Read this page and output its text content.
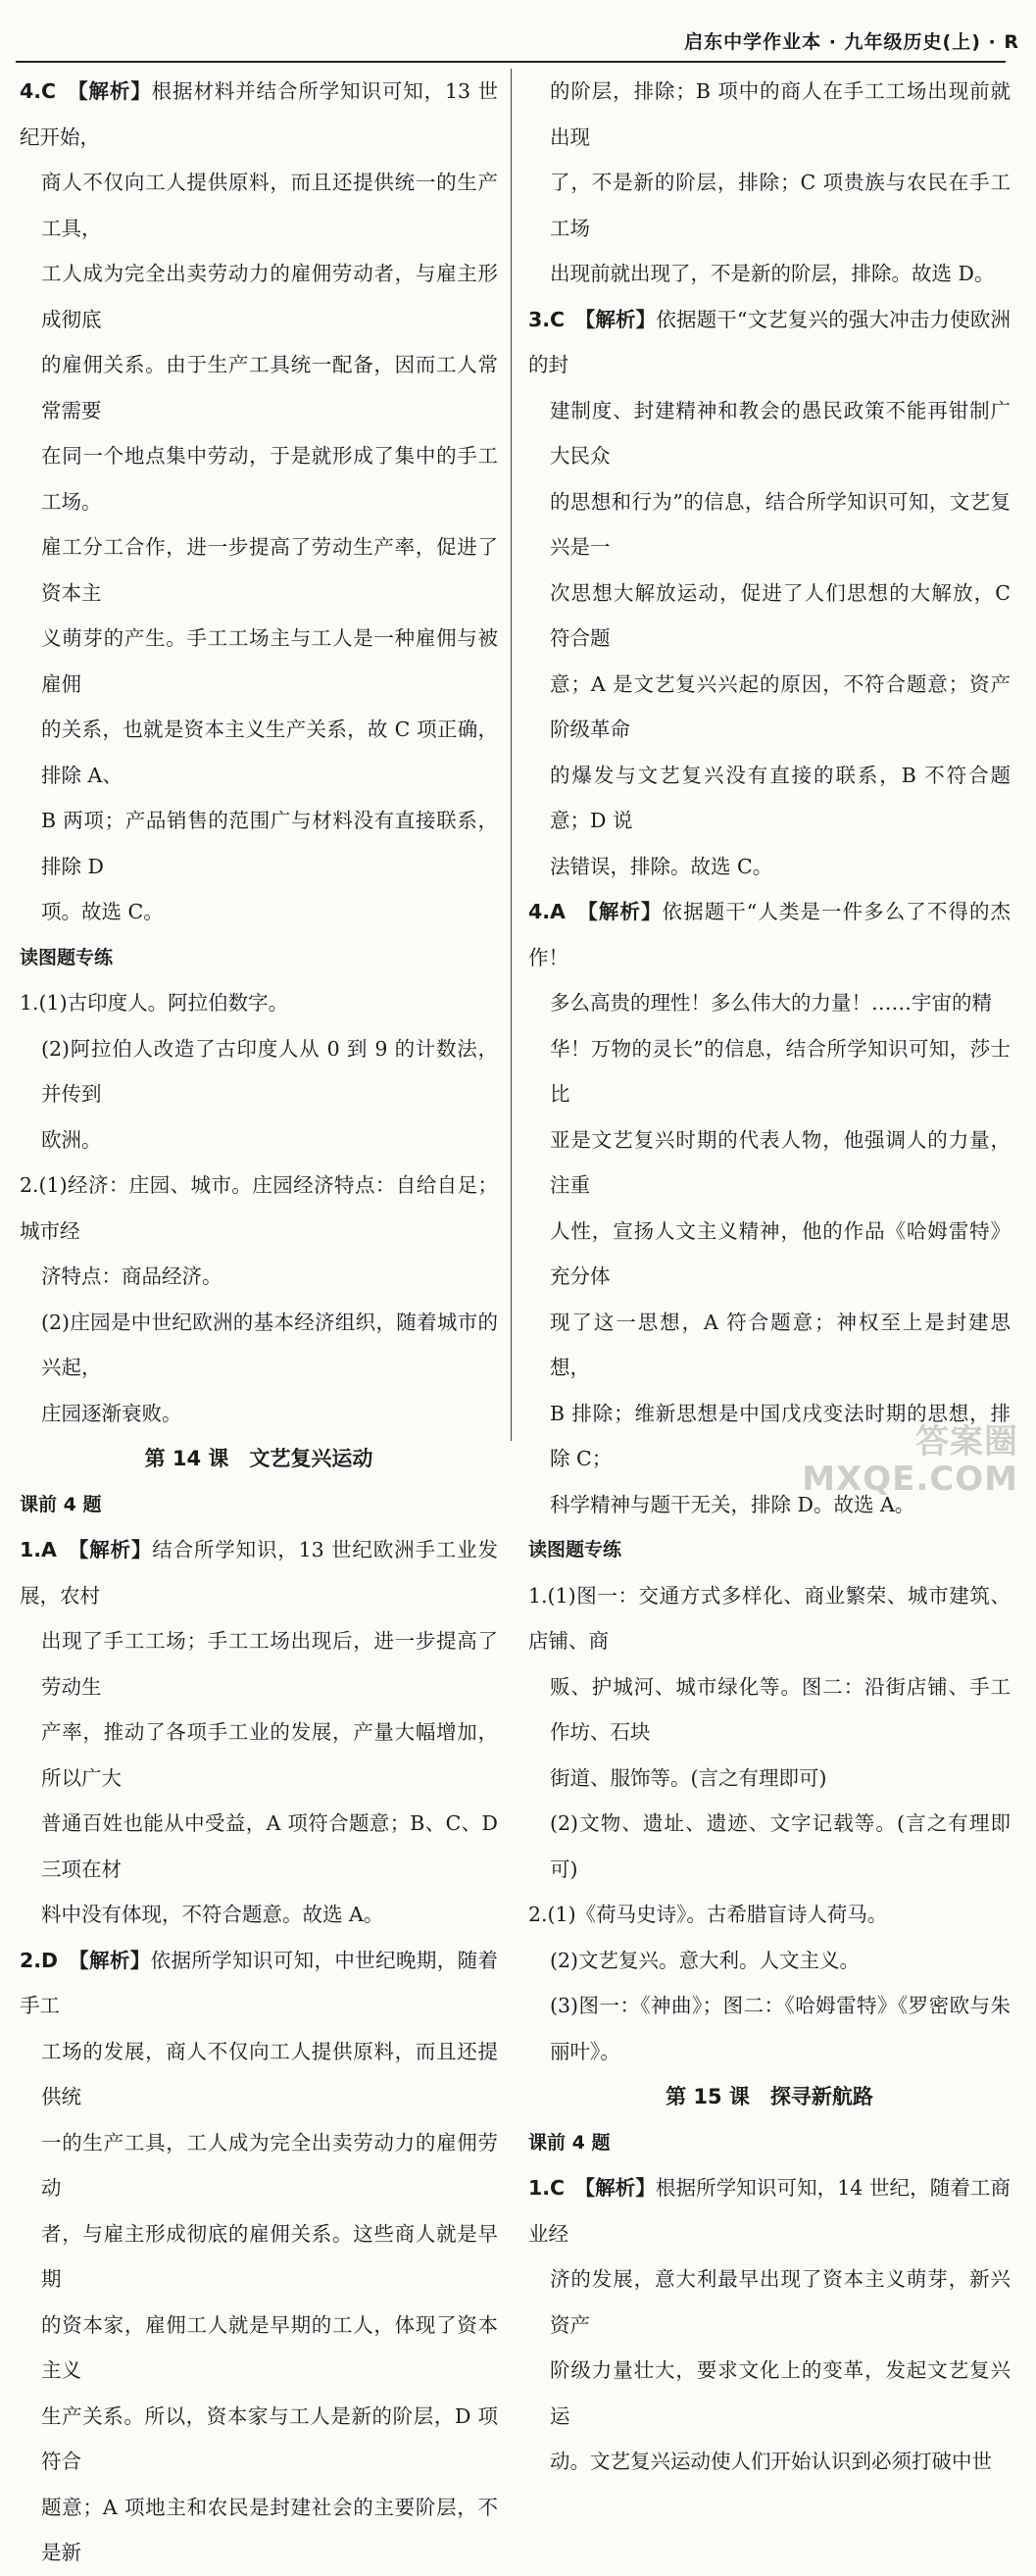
启东中学作业本 · 九年级历史(上) · R

4.C　 【解析】根据材料并结合所学知识可知，13 世纪开始，

商人不仅向工人提供原料，而且还提供统一的生产工具，

工人成为完全出卖劳动力的雇佣劳动者，与雇主形成彻底

的雇佣关系。由于生产工具统一配备，因而工人常常需要

在同一个地点集中劳动，于是就形成了集中的手工工场。

雇工分工合作，进一步提高了劳动生产率，促进了资本主

义萌芽的产生。手工工场主与工人是一种雇佣与被雇佣

的关系，也就是资本主义生产关系，故 C 项正确，排除 A、

B 两项；产品销售的范围广与材料没有直接联系，排除 D

项。故选 C。

读图题专练

1.(1)古印度人。阿拉伯数字。

(2)阿拉伯人改造了古印度人从 0 到 9 的计数法，并传到

欧洲。

2.(1)经济：庄园、城市。庄园经济特点：自给自足；城市经

济特点：商品经济。

(2)庄园是中世纪欧洲的基本经济组织，随着城市的兴起，

庄园逐渐衰败。

第 14 课　文艺复兴运动

课前 4 题

1.A　 【解析】结合所学知识，13 世纪欧洲手工业发展，农村

出现了手工工场；手工工场出现后，进一步提高了劳动生

产率，推动了各项手工业的发展，产量大幅增加，所以广大

普通百姓也能从中受益，A 项符合题意；B、C、D 三项在材

料中没有体现，不符合题意。故选 A。

2.D　 【解析】依据所学知识可知，中世纪晚期，随着手工

工场的发展，商人不仅向工人提供原料，而且还提供统

一的生产工具，工人成为完全出卖劳动力的雇佣劳动

者，与雇主形成彻底的雇佣关系。这些商人就是早期

的资本家，雇佣工人就是早期的工人，体现了资本主义

生产关系。所以，资本家与工人是新的阶层，D 项符合

题意；A 项地主和农民是封建社会的主要阶层，不是新

的阶层，排除；B 项中的商人在手工工场出现前就出现

了，不是新的阶层，排除；C 项贵族与农民在手工工场

出现前就出现了，不是新的阶层，排除。故选 D。

3.C　 【解析】依据题干“文艺复兴的强大冲击力使欧洲的封

建制度、封建精神和教会的愚民政策不能再钳制广大民众

的思想和行为”的信息，结合所学知识可知，文艺复兴是一

次思想大解放运动，促进了人们思想的大解放，C 符合题

意；A 是文艺复兴兴起的原因，不符合题意；资产阶级革命

的爆发与文艺复兴没有直接的联系，B 不符合题意；D 说

法错误，排除。故选 C。

4.A　 【解析】依据题干“人类是一件多么了不得的杰作！

多么高贵的理性！多么伟大的力量！……宇宙的精

华！万物的灵长”的信息，结合所学知识可知，莎士比

亚是文艺复兴时期的代表人物，他强调人的力量，注重

人性，宣扬人文主义精神，他的作品《哈姆雷特》充分体

现了这一思想，A 符合题意；神权至上是封建思想，

B 排除；维新思想是中国戊戌变法时期的思想，排除 C；

科学精神与题干无关，排除 D。故选 A。

读图题专练

1.(1)图一：交通方式多样化、商业繁荣、城市建筑、店铺、商

贩、护城河、城市绿化等。图二：沿街店铺、手工作坊、石块

街道、服饰等。(言之有理即可)

(2)文物、遗址、遗迹、文字记载等。(言之有理即可)

2.(1)《荷马史诗》。古希腊盲诗人荷马。

(2)文艺复兴。意大利。人文主义。

(3)图一：《神曲》；图二：《哈姆雷特》《罗密欧与朱丽叶》。

第 15 课　探寻新航路

课前 4 题

1.C　 【解析】根据所学知识可知，14 世纪，随着工商业经

济的发展，意大利最早出现了资本主义萌芽，新兴资产

阶级力量壮大，要求文化上的变革，发起文艺复兴运

动。文艺复兴运动使人们开始认识到必须打破中世

答案圈
MXQE.COM
